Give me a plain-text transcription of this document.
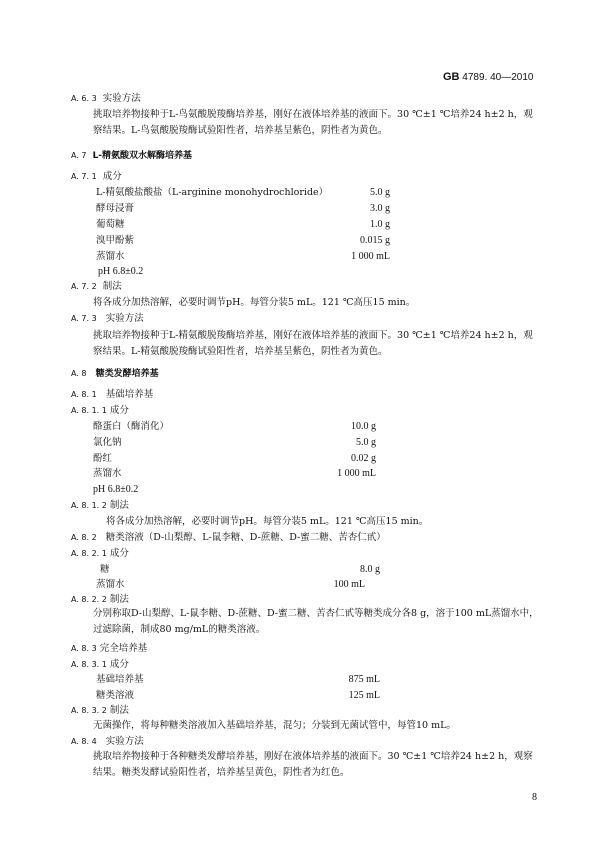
GB 4789. 40—2010
A. 6. 3 实验方法
挑取培养物接种于L-鸟氨酸脱羧酶培养基，刚好在液体培养基的液面下。30 ℃±1 ℃培养24 h±2 h，观察结果。L-鸟氨酸脱羧酶试验阳性者，培养基呈紫色，阴性者为黄色。
A. 7 L-精氨酸双水解酶培养基
A. 7. 1 成分
L-精氨酸盐酸盐（L-arginine monohydrochloride）	5.0 g
酵母浸膏	3.0 g
葡萄糖	1.0 g
溴甲酚紫	0.015 g
蒸馏水	1 000 mL
pH 6.8±0.2
A. 7. 2 制法
将各成分加热溶解，必要时调节pH。每管分装5 mL。121 ℃高压15 min。
A. 7. 3 实验方法
挑取培养物接种于L-精氨酸脱羧酶培养基，刚好在液体培养基的液面下。30 ℃±1 ℃培养24 h±2 h，观察结果。L-精氨酸脱羧酶试验阳性者，培养基呈紫色，阴性者为黄色。
A. 8 糖类发酵培养基
A. 8. 1 基础培养基
A. 8. 1. 1 成分
酪蛋白（酶消化）	10.0 g
氯化钠	5.0 g
酚红	0.02 g
蒸馏水	1 000 mL
pH 6.8±0.2
A. 8. 1. 2 制法
将各成分加热溶解，必要时调节pH。每管分装5 mL。121 ℃高压15 min。
A. 8. 2 糖类溶液（D-山梨醇、L-鼠李糖、D-蔗糖、D-蜜二糖、苦杏仁甙）
A. 8. 2. 1 成分
糖	8.0 g
蒸馏水	100 mL
A. 8. 2. 2 制法
分别称取D-山梨醇、L-鼠李糖、D-蔗糖、D-蜜二糖、苦杏仁甙等糖类成分各8 g，溶于100 mL蒸馏水中，过滤除菌，制成80 mg/mL的糖类溶液。
A. 8. 3 完全培养基
A. 8. 3. 1 成分
基础培养基	875 mL
糖类溶液	125 mL
A. 8. 3. 2 制法
无菌操作，将每种糖类溶液加入基础培养基，混匀；分装到无菌试管中，每管10 mL。
A. 8. 4 实验方法
挑取培养物接种于各种糖类发酵培养基，刚好在液体培养基的液面下。30 ℃±1 ℃培养24 h±2 h，观察结果。糖类发酵试验阳性者，培养基呈黄色，阴性者为红色。
8
